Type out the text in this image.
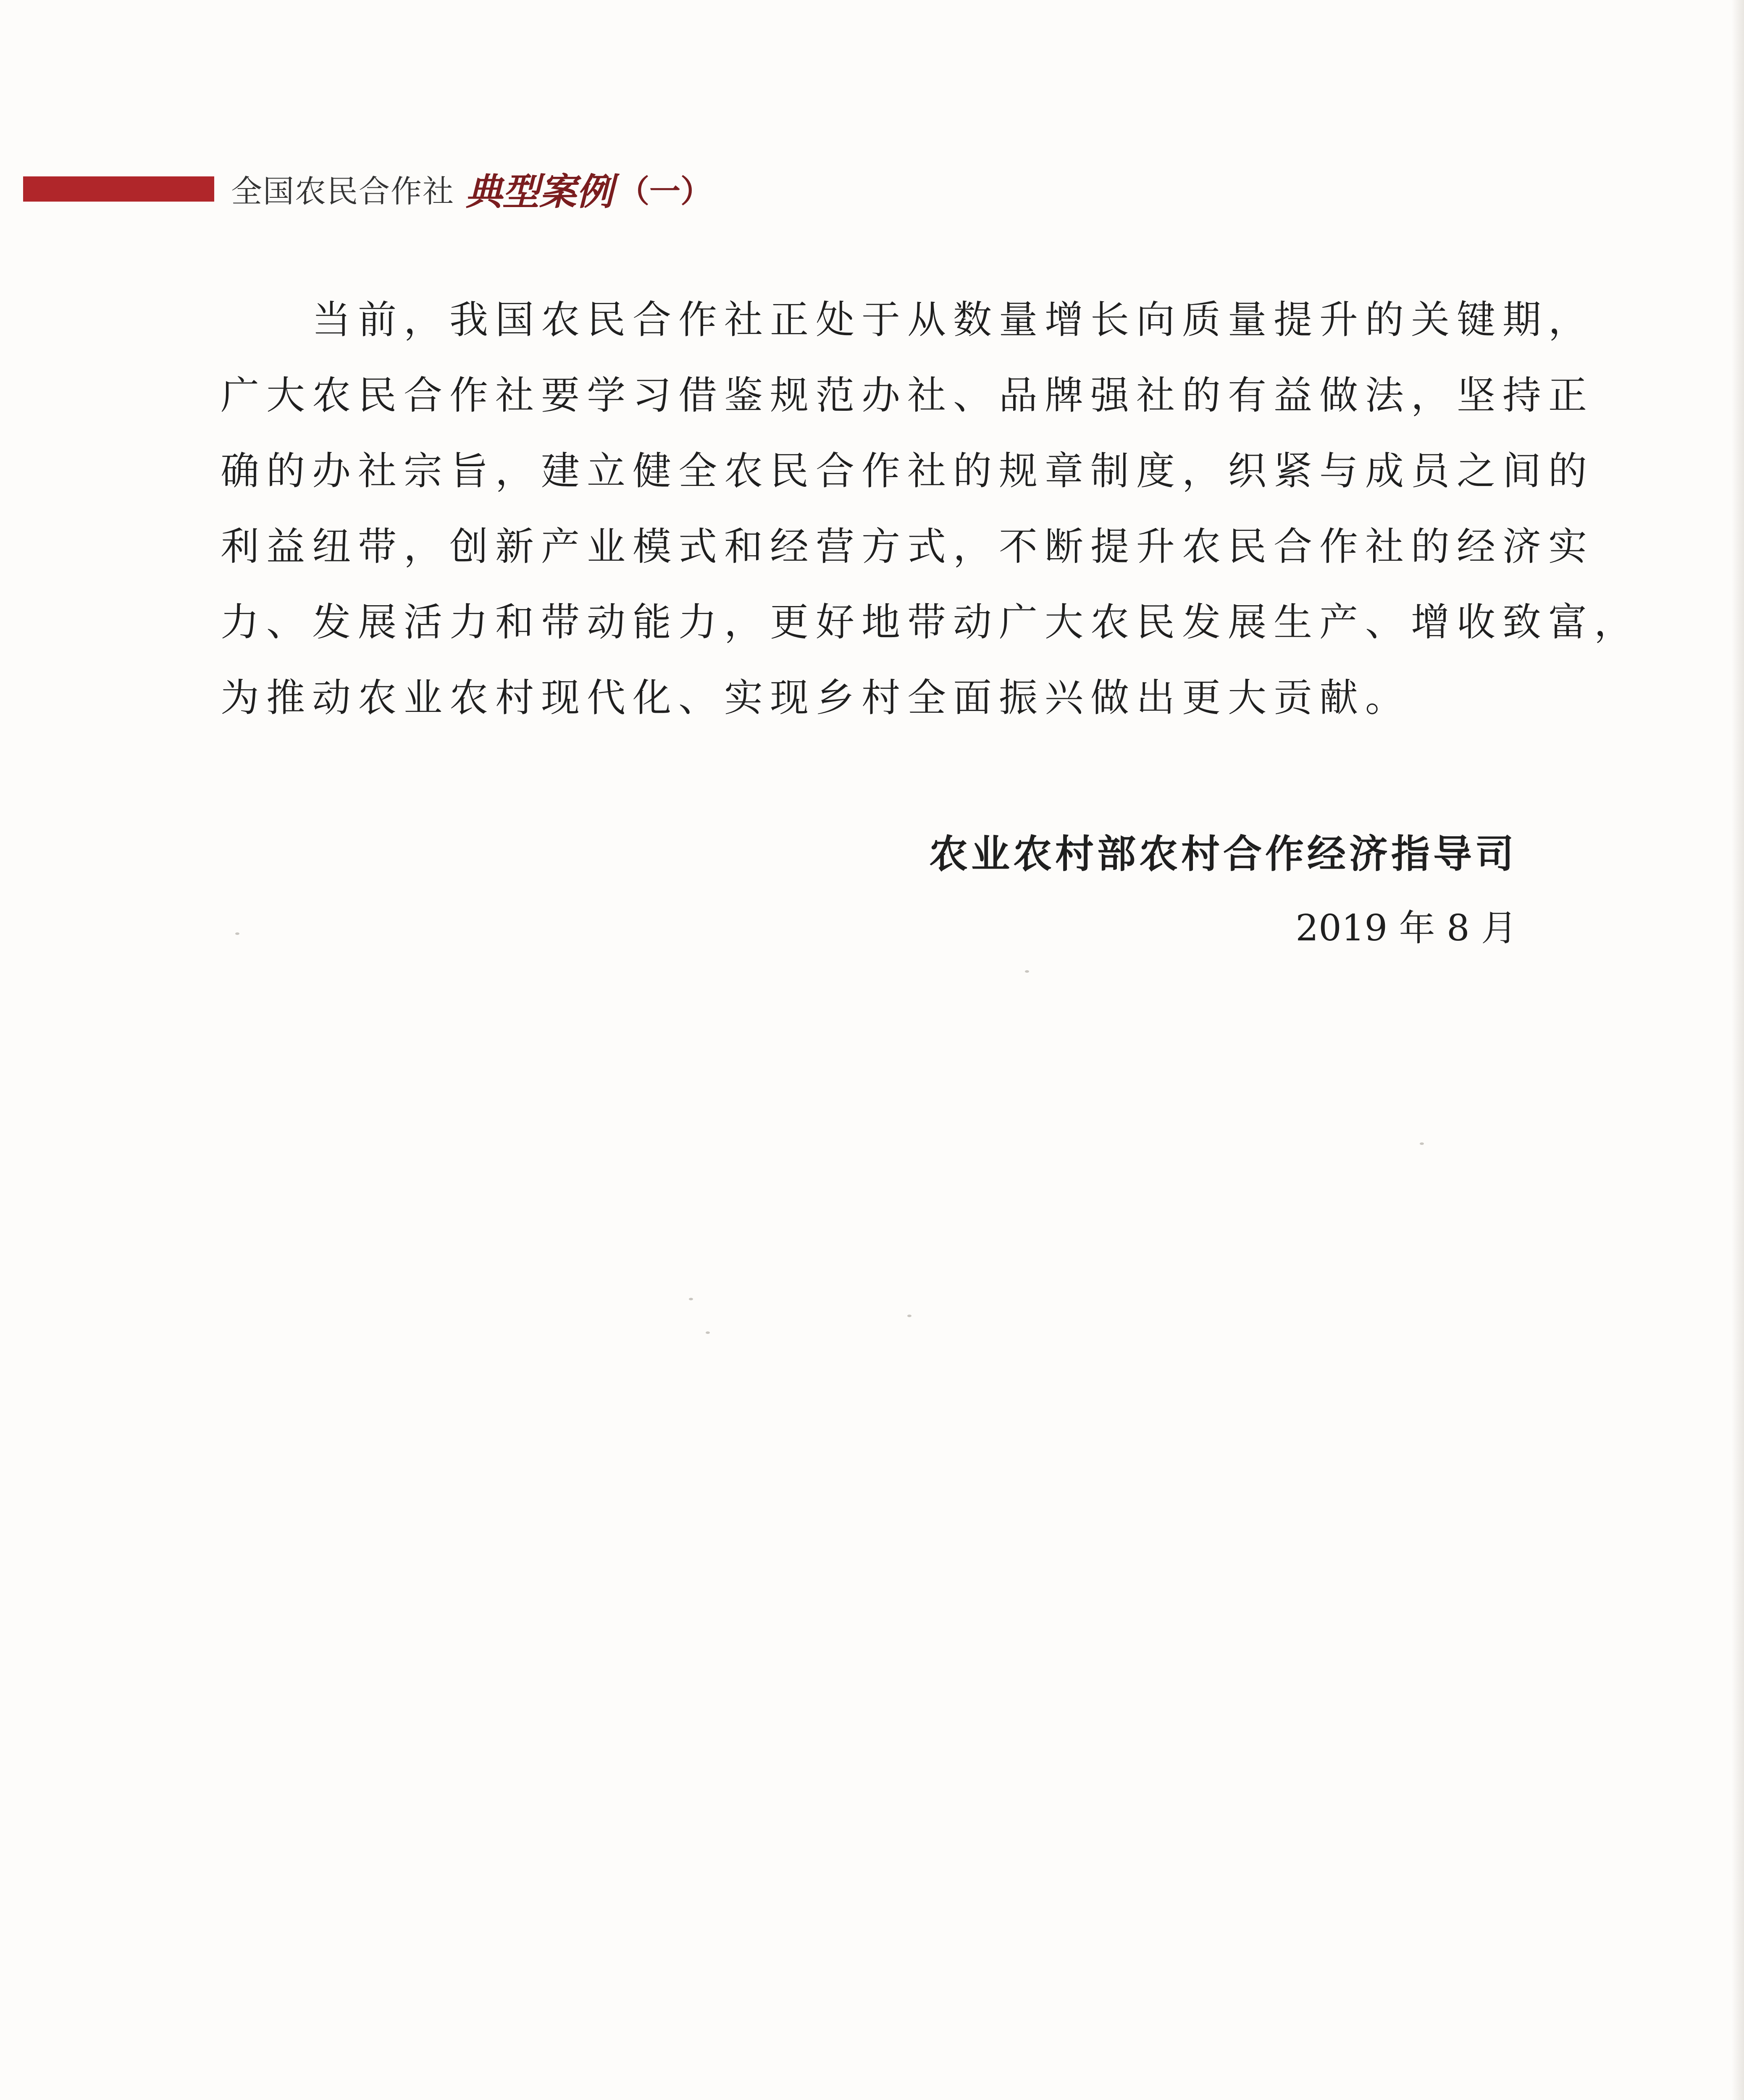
全国农民合作社 典型案例 （一）
当前，我国农民合作社正处于从数量增长向质量提升的关键期，
广大农民合作社要学习借鉴规范办社、品牌强社的有益做法，坚持正
确的办社宗旨，建立健全农民合作社的规章制度，织紧与成员之间的
利益纽带，创新产业模式和经营方式，不断提升农民合作社的经济实
力、发展活力和带动能力，更好地带动广大农民发展生产、增收致富，
为推动农业农村现代化、实现乡村全面振兴做出更大贡献。
农业农村部农村合作经济指导司
2019 年 8 月
